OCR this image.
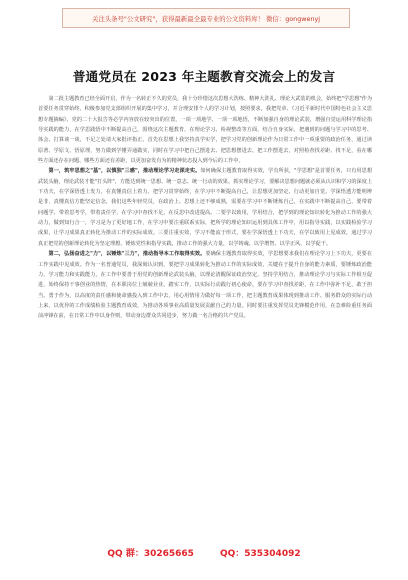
关注头条号"公文研究"，获得最新最全最专业的公文资料库！ 微信：gongwenyj
普通党员在 2023 年主题教育交流会上的发言

第二批主题教育已经全面开启，作为一名转正不久的党员，我十分珍惜这次思想大洗练、精神大洗礼、理论大武装的机会，始终把"学思想"作为首要任务贯穿始终，积极参加党支部组织开展的集中学习，并合理安排个人的学习计划，按照要求，我把党章、《习近平新时代中国特色社会主义思想专题摘编》、党的二十大报告等必学内容放在较突出的位置，一项一项地学、一项一项地悟，不断加强自身的理论武装，增强自觉运用科学理论指导实践的能力，在学思践悟中不断提高自己，围绕这次主题教育，在理论学习、检视整改等方面，结合自身实际，把遇到的问题与学习中的思考、体会、打算谈一谈，不足之处请大家批评指正。首先在思想上我坚持真学实学，把学习党的创新理论作为日常工作中一项重要的政治任务，通过读原著、学原文、悟原理，努力做到学懂弄通做实，同时在学习中把自己摆进去、把思想摆进去、把工作摆进去，对照检查找差距、找不足，看在哪些方面还存在问题、哪些方面还有差距，以更加奋发有为的精神状态投入到今后的工作中。

第一，筑牢思想之"基"，以慎独"三感"，推动理论学习走深走实。如何确保主题教育取得实效，学有所获，"学思想"是首要任务，只有用思想武装头脑，理论武装才能"打头阵"，方能达到统一思想、统一意志、统一行动的效果。抓实理论学习，要解决思想问题就必须从认识和学习的深度上下功夫，在学深悟透上发力，在真懂真信上着力，把学习贯穿始终，在学习中不断提高自己，让思想更加坚定、行动更加自觉。学深悟透方能明辨是非，真懂真信方能坚定信念，我们这些年轻党员，在政治上、思想上还不够成熟，需要在学习中不断锤炼自己，在实践中不断提高自己，要带着问题学、带着思考学，带着责任学，在学习中查找不足，在反思中改进提高。二要学以致用，学用结合，把学到的理论知识转化为推动工作的强大动力，做到知行合一，学习是为了更好地工作，在学习中要注重联系实际，把所学的理论知识运用到具体工作中，用以指导实践，以实践检验学习成果，让学习成果真正转化为推动工作的实际成效。三要注重实效，学习不能流于形式，要在学深悟透上下功夫，在学以致用上见成效，通过学习真正把党的创新理论转化为坚定理想、锤炼党性和指导实践、推动工作的强大力量，以学铸魂、以学增智、以学正风、以学促干。

第二，弘扬奋进之"力"，以锤炼"三力"，推动指导本工作取得实效。要确保主题教育取得实效，学思想要求我们在理论学习上下功夫，更要在工作实践中见成效。作为一名普通党员，我深刻认识到，要把学习成果转化为推动工作的实际成效，关键在于提升自身的能力素质，要锤炼政治能力、学习能力和实践能力，在工作中要善于用党的创新理论武装头脑，以理论清醒保证政治坚定，坚持学用结合，推动理论学习与实际工作相互促进，始终保持干事创业的热情，在本职岗位上兢兢业业、踏实工作，以实际行动践行初心使命。要在学习中查找差距，在工作中弥补不足，敢于担当、勇于作为，以高度的责任感和使命感投入到工作中去，用心用情用力做好每一项工作，把主题教育成果体现到推动工作、服务群众的实际行动上来，以优异的工作成绩检验主题教育成效，为推动各项事业高质量发展贡献自己的力量。同时要注重发挥党员先锋模范作用，在急难险重任务面前冲锋在前，在日常工作中以身作则，带动身边群众共同进步，努力做一名合格的共产党员。

QQ 群：30265665	QQ：535304092
